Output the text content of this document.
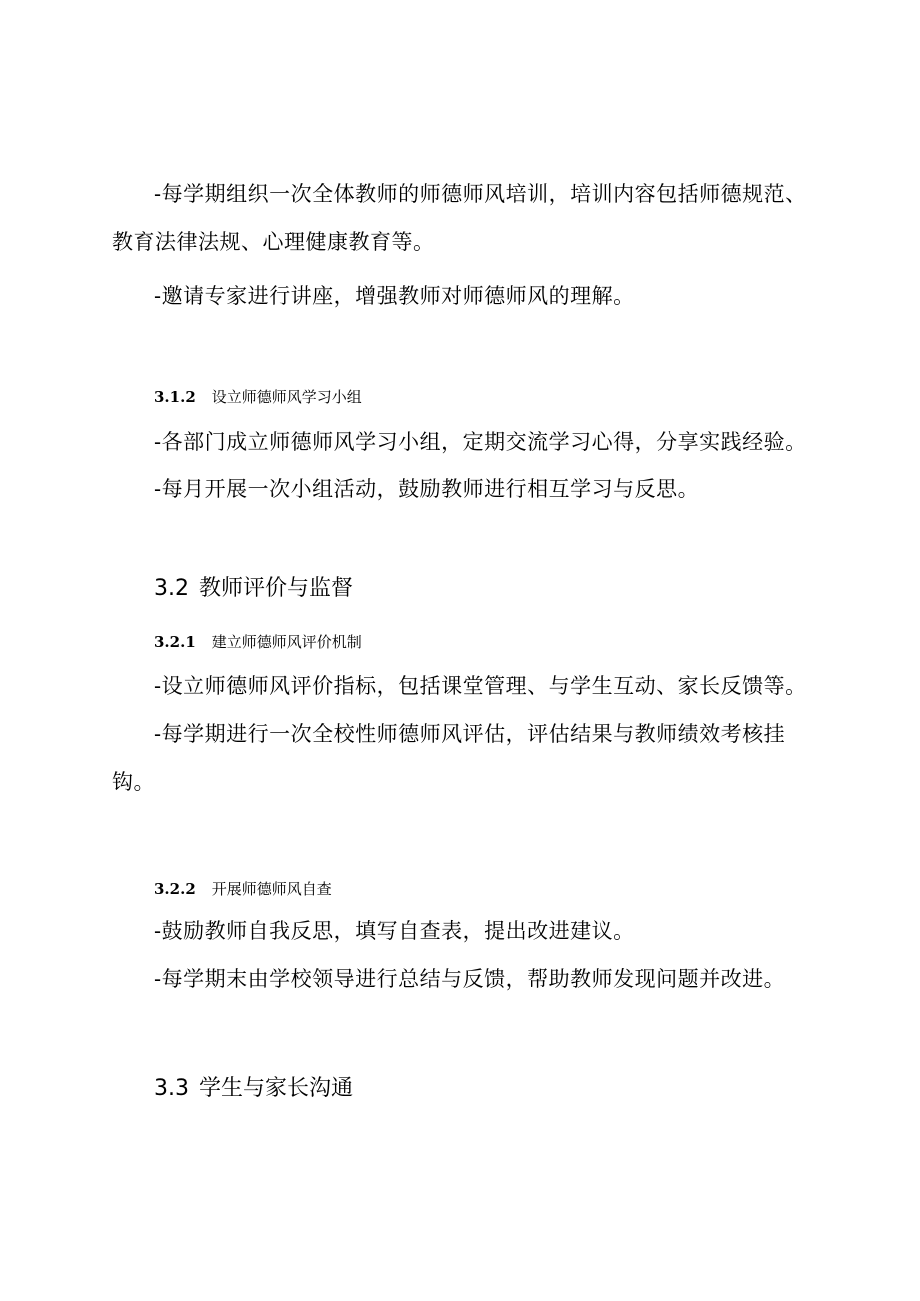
-每学期组织一次全体教师的师德师风培训，培训内容包括师德规范、教育法律法规、心理健康教育等。
-邀请专家进行讲座，增强教师对师德师风的理解。
3.1.2 设立师德师风学习小组
-各部门成立师德师风学习小组，定期交流学习心得，分享实践经验。
-每月开展一次小组活动，鼓励教师进行相互学习与反思。
3.2 教师评价与监督
3.2.1 建立师德师风评价机制
-设立师德师风评价指标，包括课堂管理、与学生互动、家长反馈等。
-每学期进行一次全校性师德师风评估，评估结果与教师绩效考核挂钩。
3.2.2 开展师德师风自查
-鼓励教师自我反思，填写自查表，提出改进建议。
-每学期末由学校领导进行总结与反馈，帮助教师发现问题并改进。
3.3 学生与家长沟通
